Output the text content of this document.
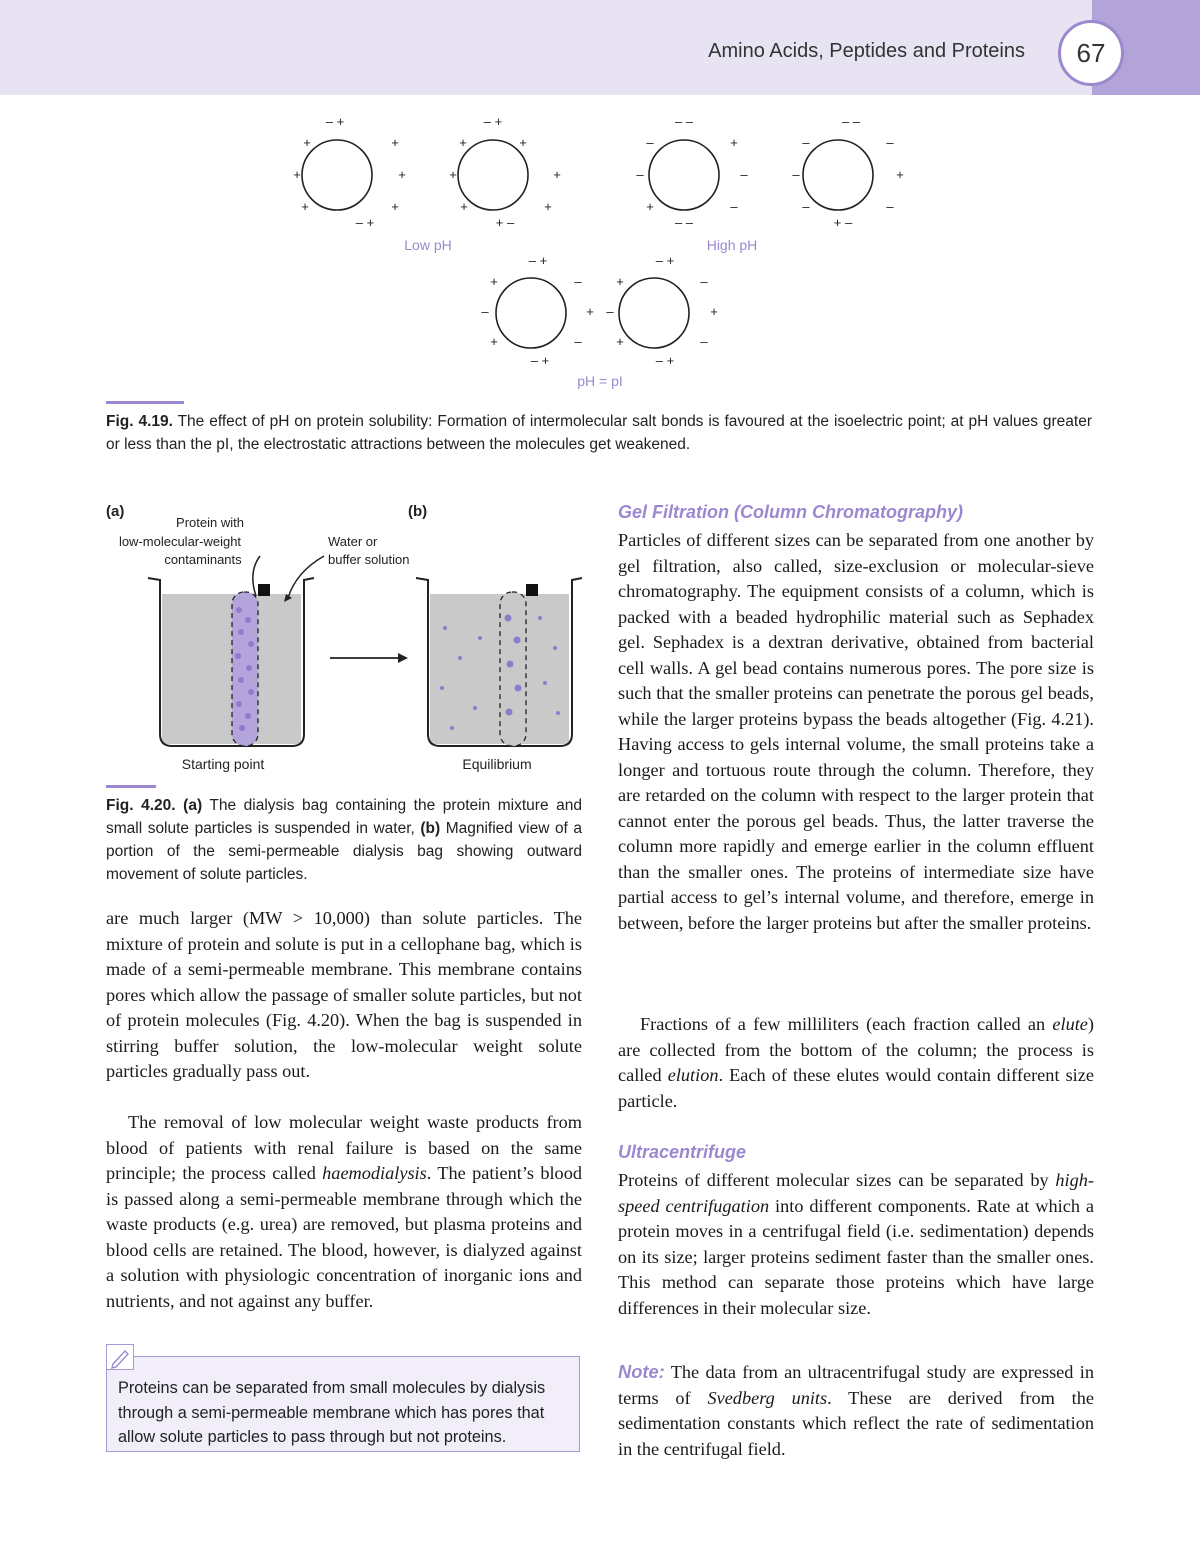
Amino Acids, Peptides and Proteins	67
– +
+	+
+	+
+	+
– +
– +
+	+
+	+
+	+
+ –
– –
–	+
–	–
+	–
– –
– –
–	–
–	+
–	–
+ –
– +
+	–
–	+
+	–
– +
– +
+	–
–	+
+	–
– +
Low pH	High pH
pH = pI
Fig. 4.19. The effect of pH on protein solubility: Formation of intermolecular salt bonds is favoured at the isoelectric point; at pH values greater or less than the pI, the electrostatic attractions between the molecules get weakened.
(a)	(b)
Protein with
low-molecular-weight
contaminants
Water or
buffer solution
Starting point	Equilibrium
Fig. 4.20. (a) The dialysis bag containing the protein mixture and small solute particles is suspended in water, (b) Magnified view of a portion of the semi-permeable dialysis bag showing outward movement of solute particles.

are much larger (MW > 10,000) than solute particles. The mixture of protein and solute is put in a cellophane bag, which is made of a semi-permeable membrane. This membrane contains pores which allow the passage of smaller solute particles, but not of protein molecules (Fig. 4.20). When the bag is suspended in stirring buffer solution, the low-molecular weight solute particles gradually pass out.

The removal of low molecular weight waste products from blood of patients with renal failure is based on the same principle; the process called haemodialysis. The patient’s blood is passed along a semi-permeable membrane through which the waste products (e.g. urea) are removed, but plasma proteins and blood cells are retained. The blood, however, is dialyzed against a solution with physiologic concentration of inorganic ions and nutrients, and not against any buffer.

Proteins can be separated from small molecules by dialysis through a semi-permeable membrane which has pores that allow solute particles to pass through but not proteins.
Gel Filtration (Column Chromatography)

Particles of different sizes can be separated from one another by gel filtration, also called, size-exclusion or molecular-sieve chromatography. The equipment consists of a column, which is packed with a beaded hydrophilic material such as Sephadex gel. Sephadex is a dextran derivative, obtained from bacterial cell walls. A gel bead contains numerous pores. The pore size is such that the smaller proteins can penetrate the porous gel beads, while the larger proteins bypass the beads altogether (Fig. 4.21). Having access to gels internal volume, the small proteins take a longer and tortuous route through the column. Therefore, they are retarded on the column with respect to the larger protein that cannot enter the porous gel beads. Thus, the latter traverse the column more rapidly and emerge earlier in the column effluent than the smaller ones. The proteins of intermediate size have partial access to gel’s internal volume, and therefore, emerge in between, before the larger proteins but after the smaller proteins.

Fractions of a few milliliters (each fraction called an elute) are collected from the bottom of the column; the process is called elution. Each of these elutes would contain different size particle.

Ultracentrifuge

Proteins of different molecular sizes can be separated by high-speed centrifugation into different components. Rate at which a protein moves in a centrifugal field (i.e. sedimentation) depends on its size; larger proteins sediment faster than the smaller ones. This method can separate those proteins which have large differences in their molecular size.

Note: The data from an ultracentrifugal study are expressed in terms of Svedberg units. These are derived from the sedimentation constants which reflect the rate of sedimentation in the centrifugal field.
